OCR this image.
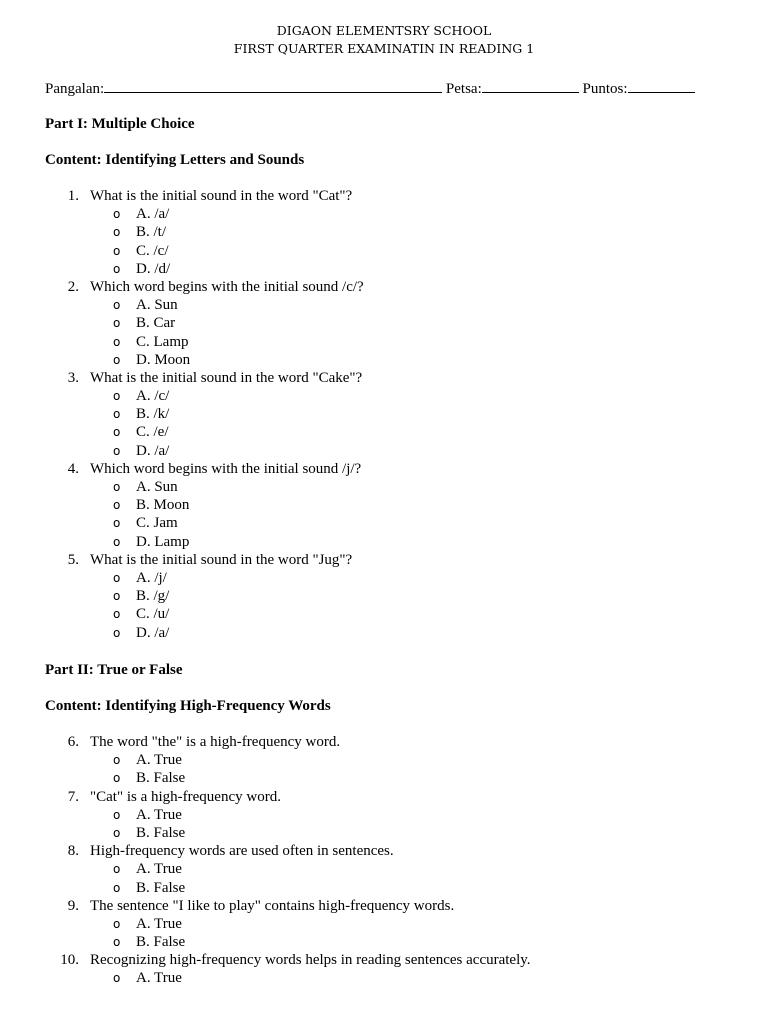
DIGAON ELEMENTSRY SCHOOL
FIRST QUARTER EXAMINATIN IN READING 1
Pangalan:	Petsa:	Puntos:
Part I: Multiple Choice
Content: Identifying Letters and Sounds
1. What is the initial sound in the word "Cat"?
o A. /a/
o B. /t/
o C. /c/
o D. /d/
2. Which word begins with the initial sound /c/?
o A. Sun
o B. Car
o C. Lamp
o D. Moon
3. What is the initial sound in the word "Cake"?
o A. /c/
o B. /k/
o C. /e/
o D. /a/
4. Which word begins with the initial sound /j/?
o A. Sun
o B. Moon
o C. Jam
o D. Lamp
5. What is the initial sound in the word "Jug"?
o A. /j/
o B. /g/
o C. /u/
o D. /a/
Part II: True or False
Content: Identifying High-Frequency Words
6. The word "the" is a high-frequency word.
o A. True
o B. False
7. "Cat" is a high-frequency word.
o A. True
o B. False
8. High-frequency words are used often in sentences.
o A. True
o B. False
9. The sentence "I like to play" contains high-frequency words.
o A. True
o B. False
10. Recognizing high-frequency words helps in reading sentences accurately.
o A. True
